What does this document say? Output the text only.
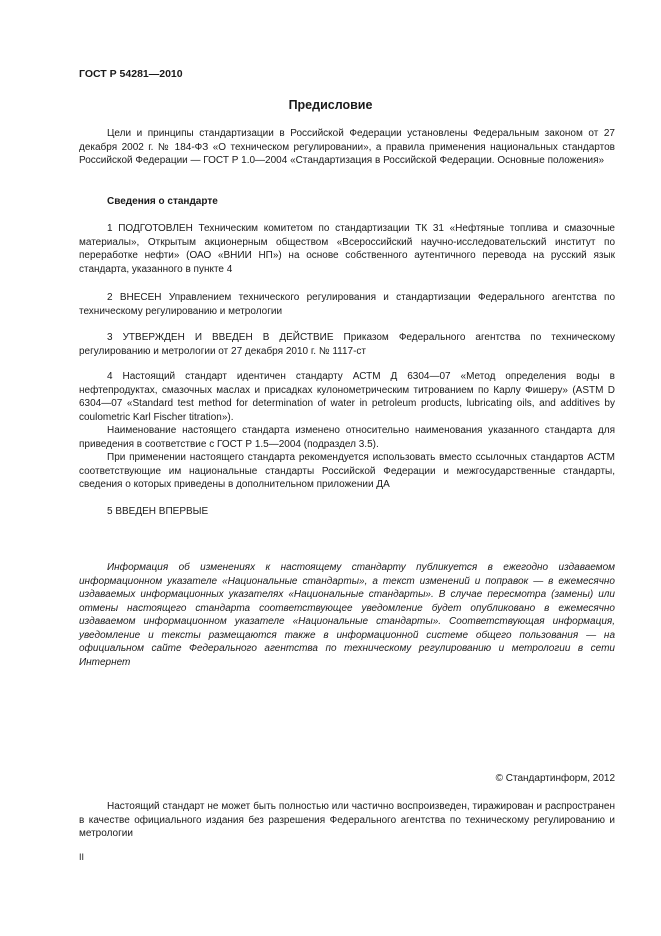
ГОСТ Р 54281—2010
Предисловие

Цели и принципы стандартизации в Российской Федерации установлены Федеральным законом от 27 декабря 2002 г. № 184-ФЗ «О техническом регулировании», а правила применения национальных стандартов Российской Федерации — ГОСТ Р 1.0—2004 «Стандартизация в Российской Федерации. Основные положения»

Сведения о стандарте

1 ПОДГОТОВЛЕН Техническим комитетом по стандартизации ТК 31 «Нефтяные топлива и смазочные материалы», Открытым акционерным обществом «Всероссийский научно-исследовательский институт по переработке нефти» (ОАО «ВНИИ НП») на основе собственного аутентичного перевода на русский язык стандарта, указанного в пункте 4

2 ВНЕСЕН Управлением технического регулирования и стандартизации Федерального агентства по техническому регулированию и метрологии

3 УТВЕРЖДЕН И ВВЕДЕН В ДЕЙСТВИЕ Приказом Федерального агентства по техническому регулированию и метрологии от 27 декабря 2010 г. № 1117-ст

4 Настоящий стандарт идентичен стандарту АСТМ Д 6304—07 «Метод определения воды в нефтепродуктах, смазочных маслах и присадках кулонометрическим титрованием по Карлу Фишеру» (ASTM D 6304—07 «Standard test method for determination of water in petroleum products, lubricating oils, and additives by coulometric Karl Fischer titration»).

Наименование настоящего стандарта изменено относительно наименования указанного стандарта для приведения в соответствие с ГОСТ Р 1.5—2004 (подраздел 3.5).

При применении настоящего стандарта рекомендуется использовать вместо ссылочных стандартов АСТМ соответствующие им национальные стандарты Российской Федерации и межгосударственные стандарты, сведения о которых приведены в дополнительном приложении ДА

5 ВВЕДЕН ВПЕРВЫЕ

Информация об изменениях к настоящему стандарту публикуется в ежегодно издаваемом информационном указателе «Национальные стандарты», а текст изменений и поправок — в ежемесячно издаваемых информационных указателях «Национальные стандарты». В случае пересмотра (замены) или отмены настоящего стандарта соответствующее уведомление будет опубликовано в ежемесячно издаваемом информационном указателе «Национальные стандарты». Соответствующая информация, уведомление и тексты размещаются также в информационной системе общего пользования — на официальном сайте Федерального агентства по техническому регулированию и метрологии в сети Интернет

© Стандартинформ, 2012

Настоящий стандарт не может быть полностью или частично воспроизведен, тиражирован и распространен в качестве официального издания без разрешения Федерального агентства по техническому регулированию и метрологии

II
